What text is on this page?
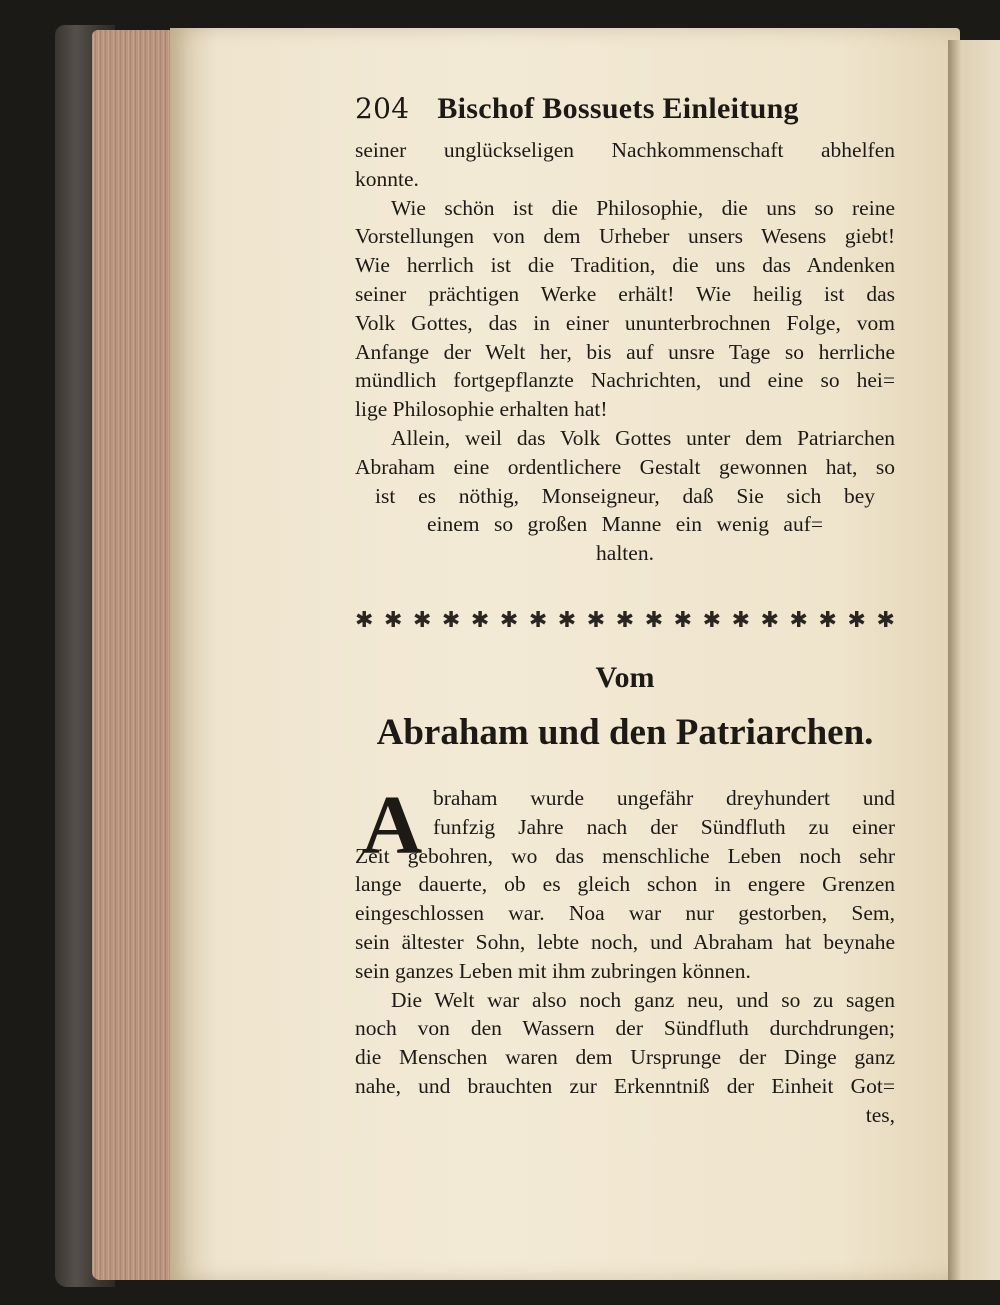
204 Bischof Bossuets Einleitung
seiner unglückseligen Nachkommenschaft abhelfen
konnte.
Wie schön ist die Philosophie, die uns so reine
Vorstellungen von dem Urheber unsers Wesens giebt!
Wie herrlich ist die Tradition, die uns das Andenken
seiner prächtigen Werke erhält! Wie heilig ist das
Volk Gottes, das in einer ununterbrochnen Folge, vom
Anfange der Welt her, bis auf unsre Tage so herrliche
mündlich fortgepflanzte Nachrichten, und eine so hei=
lige Philosophie erhalten hat!
Allein, weil das Volk Gottes unter dem Patriarchen
Abraham eine ordentlichere Gestalt gewonnen hat, so
ist es nöthig, Monseigneur, daß Sie sich bey
einem so großen Manne ein wenig auf=
halten.
✱ ✱ ✱ ✱ ✱ ✱ ✱ ✱ ✱ ✱ ✱ ✱ ✱ ✱ ✱ ✱ ✱ ✱ ✱
Vom
Abraham und den Patriarchen.
A braham wurde ungefähr dreyhundert und
funfzig Jahre nach der Sündfluth zu einer
Zeit gebohren, wo das menschliche Leben noch sehr
lange dauerte, ob es gleich schon in engere Grenzen
eingeschlossen war. Noa war nur gestorben, Sem,
sein ältester Sohn, lebte noch, und Abraham hat beynahe
sein ganzes Leben mit ihm zubringen können.
Die Welt war also noch ganz neu, und so zu sagen
noch von den Wassern der Sündfluth durchdrungen;
die Menschen waren dem Ursprunge der Dinge ganz
nahe, und brauchten zur Erkenntniß der Einheit Got=
tes,
